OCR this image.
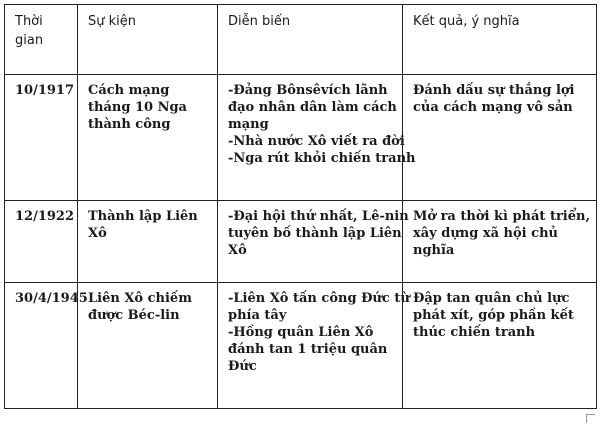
Thời
gian	Sự kiện	Diễn biến	Kết quả, ý nghĩa

10/1917	Cách mạng
tháng 10 Nga
thành công	-Đảng Bônsêvích lãnh
đạo nhân dân làm cách
mạng
-Nhà nước Xô viết ra đời
-Nga rút khỏi chiến tranh	Đánh dấu sự thắng lợi
của cách mạng vô sản

12/1922	Thành lập Liên
Xô	-Đại hội thứ nhất, Lê-nin
tuyên bố thành lập Liên
Xô	Mở ra thời kì phát triển,
xây dựng xã hội chủ
nghĩa

30/4/1945	Liên Xô chiếm
được Béc-lin	-Liên Xô tấn công Đức từ
phía tây
-Hồng quân Liên Xô
đánh tan 1 triệu quân
Đức	Đập tan quân chủ lực
phát xít, góp phần kết
thúc chiến tranh
